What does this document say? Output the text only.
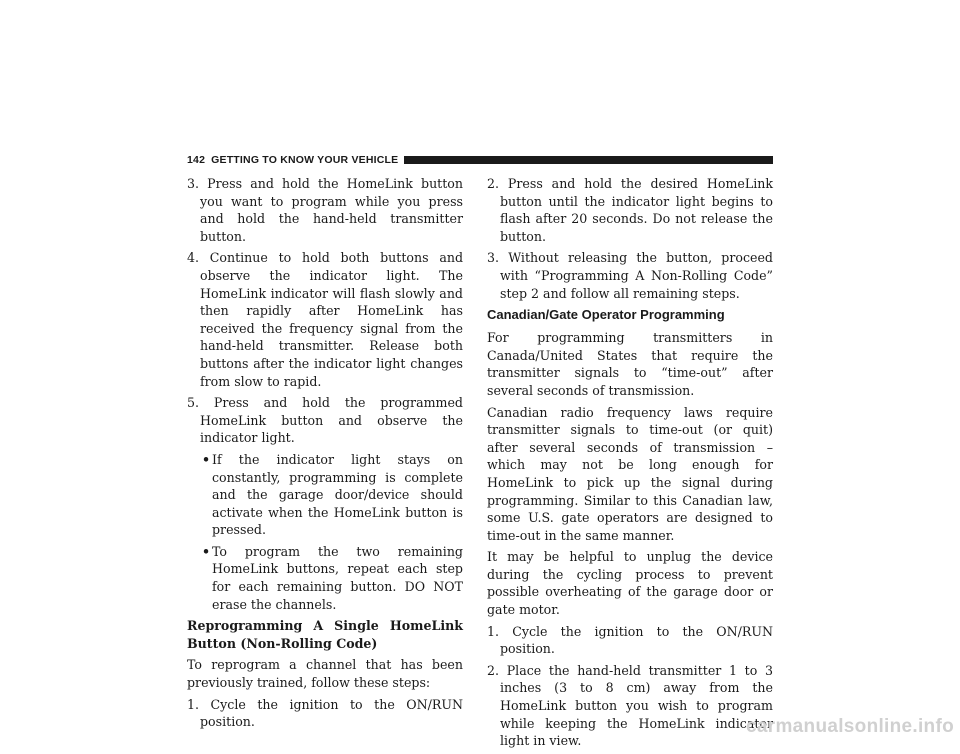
142 GETTING TO KNOW YOUR VEHICLE

3. Press and hold the HomeLink button you want to program while you press and hold the hand-held transmitter button.

4. Continue to hold both buttons and observe the indicator light. The HomeLink indicator will flash slowly and then rapidly after HomeLink has received the frequency signal from the hand-held transmitter. Release both buttons after the indicator light changes from slow to rapid.

5. Press and hold the programmed HomeLink button and observe the indicator light.

• If the indicator light stays on constantly, programming is complete and the garage door/device should activate when the HomeLink button is pressed.

• To program the two remaining HomeLink buttons, repeat each step for each remaining button. DO NOT erase the channels.

Reprogramming A Single HomeLink Button (Non-Rolling Code)

To reprogram a channel that has been previously trained, follow these steps:

1. Cycle the ignition to the ON/RUN position.

2. Press and hold the desired HomeLink button until the indicator light begins to flash after 20 seconds. Do not release the button.

3. Without releasing the button, proceed with “Programming A Non-Rolling Code” step 2 and follow all remaining steps.

Canadian/Gate Operator Programming

For programming transmitters in Canada/United States that require the transmitter signals to “time-out” after several seconds of transmission.

Canadian radio frequency laws require transmitter signals to time-out (or quit) after several seconds of transmission – which may not be long enough for HomeLink to pick up the signal during programming. Similar to this Canadian law, some U.S. gate operators are designed to time-out in the same manner.

It may be helpful to unplug the device during the cycling process to prevent possible overheating of the garage door or gate motor.

1. Cycle the ignition to the ON/RUN position.

2. Place the hand-held transmitter 1 to 3 inches (3 to 8 cm) away from the HomeLink button you wish to program while keeping the HomeLink indicator light in view.

carmanualsonline.info
